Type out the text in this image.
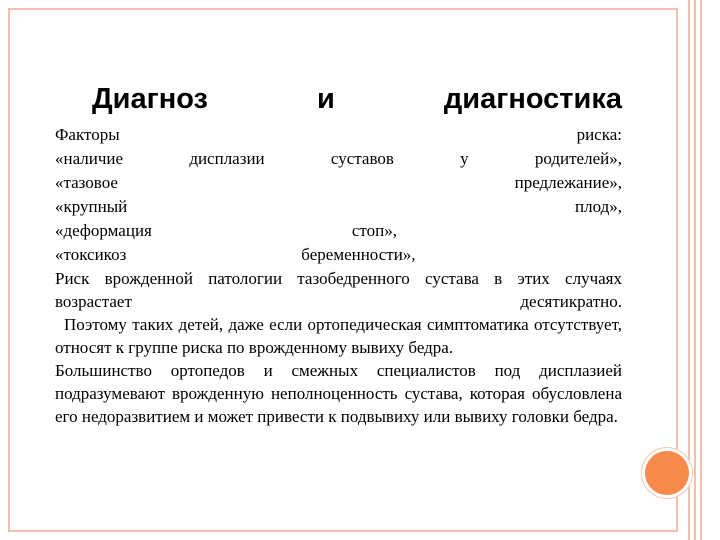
Диагноз	и	диагностика
Факторы	риска:
«наличие	дисплазии	суставов	у	родителей»,
«тазовое	предлежание»,
«крупный	плод»,
«деформация	стоп»,
«токсикоз	беременности»,
Риск врожденной патологии тазобедренного сустава в этих случаях возрастает десятикратно.
Поэтому таких детей, даже если ортопедическая симптоматика отсутствует, относят к группе риска по врожденному вывиху бедра.
Большинство ортопедов и смежных специалистов под дисплазией подразумевают врожденную неполноценность сустава, которая обусловлена его недоразвитием и может привести к подвывиху или вывиху головки бедра.
